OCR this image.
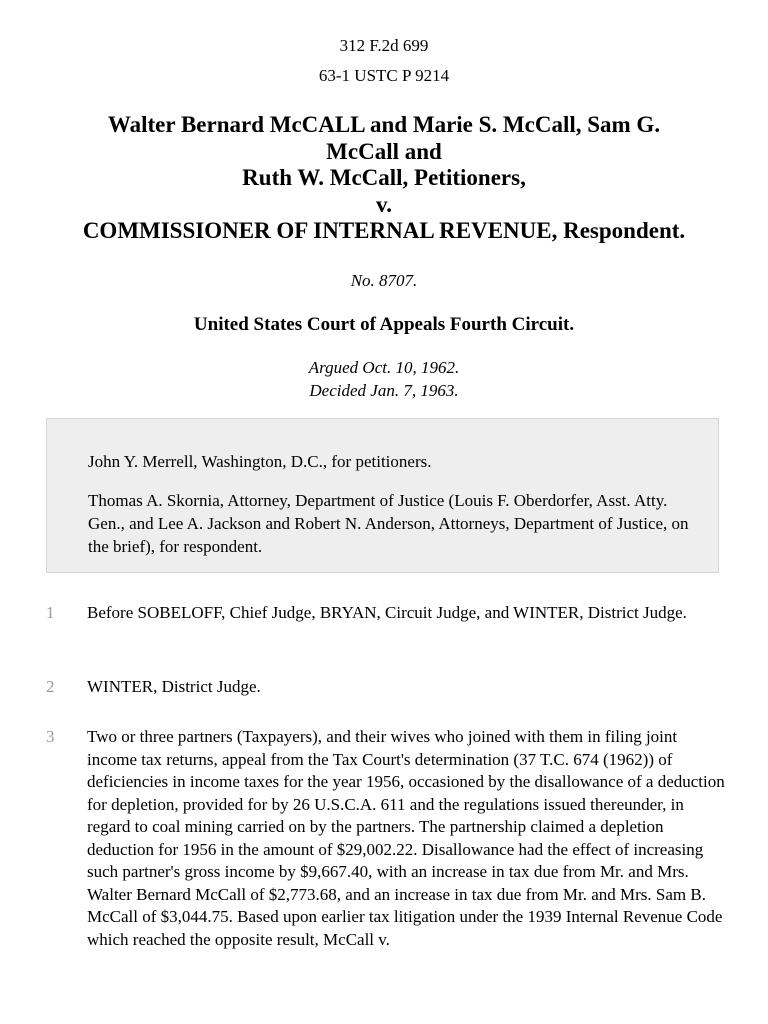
312 F.2d 699
63-1 USTC P 9214
Walter Bernard McCALL and Marie S. McCall, Sam G.
McCall and
Ruth W. McCall, Petitioners,
v.
COMMISSIONER OF INTERNAL REVENUE, Respondent.
No. 8707.
United States Court of Appeals Fourth Circuit.
Argued Oct. 10, 1962.
Decided Jan. 7, 1963.

John Y. Merrell, Washington, D.C., for petitioners.

Thomas A. Skornia, Attorney, Department of Justice (Louis F. Oberdorfer, Asst. Atty. Gen., and Lee A. Jackson and Robert N. Anderson, Attorneys, Department of Justice, on the brief), for respondent.

1 Before SOBELOFF, Chief Judge, BRYAN, Circuit Judge, and WINTER, District Judge.
2 WINTER, District Judge.
3 Two or three partners (Taxpayers), and their wives who joined with them in filing joint income tax returns, appeal from the Tax Court's determination (37 T.C. 674 (1962)) of deficiencies in income taxes for the year 1956, occasioned by the disallowance of a deduction for depletion, provided for by 26 U.S.C.A. 611 and the regulations issued thereunder, in regard to coal mining carried on by the partners. The partnership claimed a depletion deduction for 1956 in the amount of $29,002.22. Disallowance had the effect of increasing such partner's gross income by $9,667.40, with an increase in tax due from Mr. and Mrs. Walter Bernard McCall of $2,773.68, and an increase in tax due from Mr. and Mrs. Sam B. McCall of $3,044.75. Based upon earlier tax litigation under the 1939 Internal Revenue Code which reached the opposite result, McCall v.
